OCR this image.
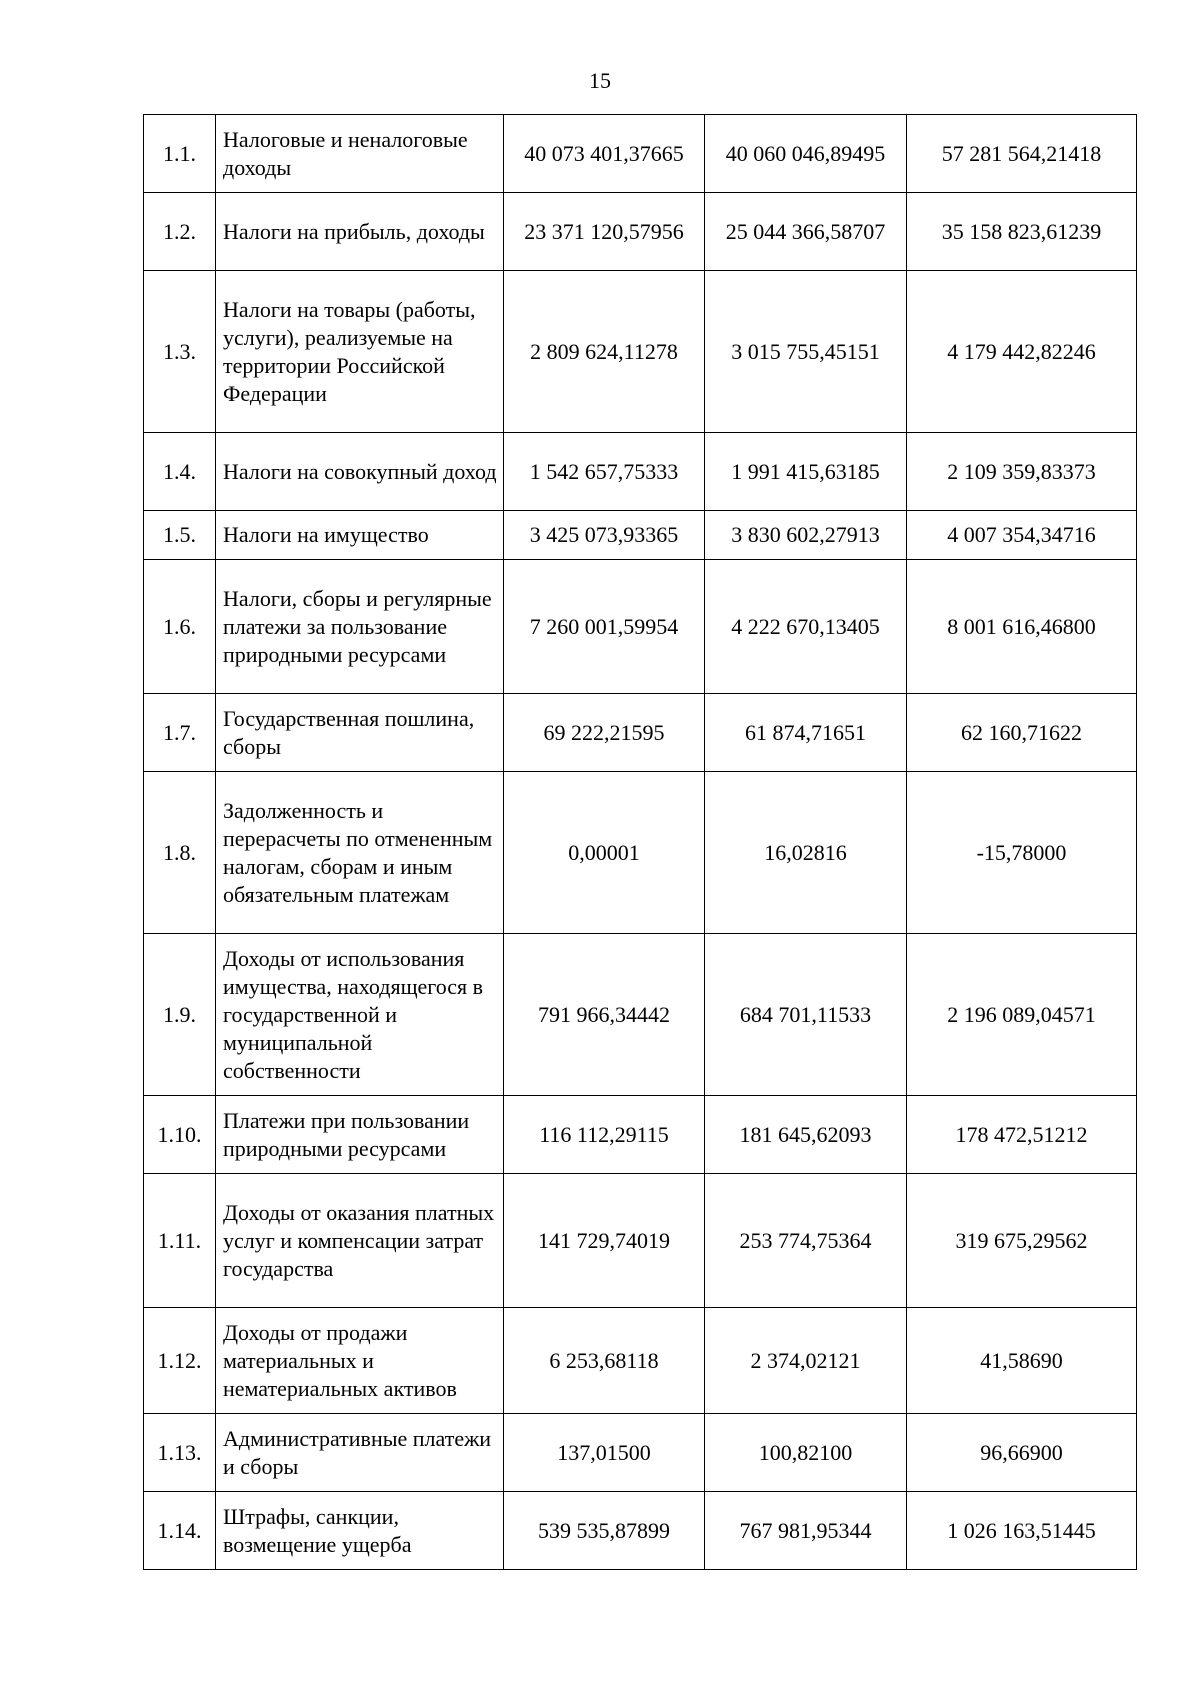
15
1.1.	Налоговые и неналоговые доходы	40 073 401,37665	40 060 046,89495	57 281 564,21418
1.2.	Налоги на прибыль, доходы	23 371 120,57956	25 044 366,58707	35 158 823,61239
1.3.	Налоги на товары (работы, услуги), реализуемые на территории Российской Федерации	2 809 624,11278	3 015 755,45151	4 179 442,82246
1.4.	Налоги на совокупный доход	1 542 657,75333	1 991 415,63185	2 109 359,83373
1.5.	Налоги на имущество	3 425 073,93365	3 830 602,27913	4 007 354,34716
1.6.	Налоги, сборы и регулярные платежи за пользование природными ресурсами	7 260 001,59954	4 222 670,13405	8 001 616,46800
1.7.	Государственная пошлина, сборы	69 222,21595	61 874,71651	62 160,71622
1.8.	Задолженность и перерасчеты по отмененным налогам, сборам и иным обязательным платежам	0,00001	16,02816	-15,78000
1.9.	Доходы от использования имущества, находящегося в государственной и муниципальной собственности	791 966,34442	684 701,11533	2 196 089,04571
1.10.	Платежи при пользовании природными ресурсами	116 112,29115	181 645,62093	178 472,51212
1.11.	Доходы от оказания платных услуг и компенсации затрат государства	141 729,74019	253 774,75364	319 675,29562
1.12.	Доходы от продажи материальных и нематериальных активов	6 253,68118	2 374,02121	41,58690
1.13.	Административные платежи и сборы	137,01500	100,82100	96,66900
1.14.	Штрафы, санкции, возмещение ущерба	539 535,87899	767 981,95344	1 026 163,51445
